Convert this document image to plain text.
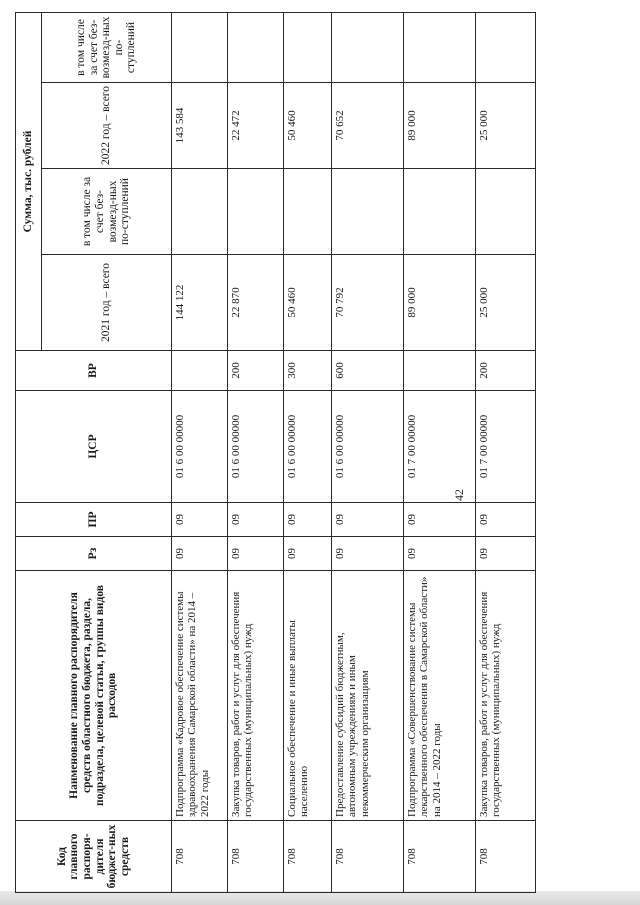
Код главного распоря-дителя бюджет-ных средств	Наименование главного распорядителя средств областного бюджета, раздела, подраздела, целевой статьи, группы видов расходов	Рз	ПР	ЦСР	ВР	Сумма, тыс. рублей			
						2021 год – всего	в том числе за счет без-возмезд-ных по-ступлений	2022 год – всего	в том числе за счет без-возмезд-ных по-ступлений
708	Подпрограмма «Кадровое обеспечение системы здравоохранения Самарской области» на 2014 – 2022 годы	09	09	01 6 00 00000		144 122		143 584	
708	Закупка товаров, работ и услуг для обеспечения государственных (муниципальных) нужд	09	09	01 6 00 00000	200	22 870		22 472	
708	Социальное обеспечение и иные выплаты населению	09	09	01 6 00 00000	300	50 460		50 460	
708	Предоставление субсидий бюджетным, автономным учреждениям и иным некоммерческим организациям	09	09	01 6 00 00000	600	70 792		70 652	
708	Подпрограмма «Совершенствование системы лекарственного обеспечения в Самарской области» на 2014 – 2022 годы	09	09	01 7 00 00000		89 000		89 000	
708	Закупка товаров, работ и услуг для обеспечения государственных (муниципальных) нужд	09	09	01 7 00 00000	200	25 000		25 000	
42
